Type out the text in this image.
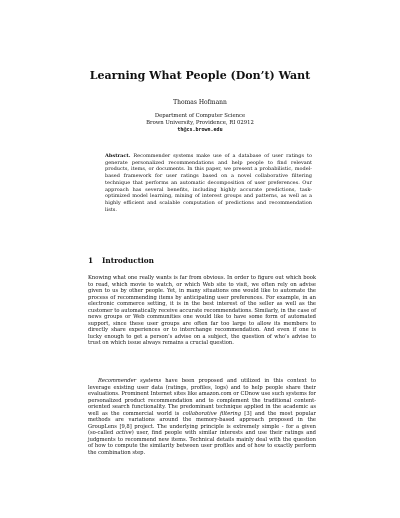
Learning What People (Don’t) Want
Thomas Hofmann
Department of Computer Science
Brown University, Providence, RI 02912
th@cs.brown.edu

Abstract. Recommender systems make use of a database of user ratings to generate personalized recommendations and help people to find relevant products, items, or documents. In this paper, we present a probabilistic, model-based framework for user ratings based on a novel collaborative filtering technique that performs an automatic decomposition of user preferences. Our approach has several benefits, including highly accurate predictions, task-optimized model learning, mining of interest groups and patterns, as well as a highly efficient and scalable computation of predictions and recommendation lists.

1 Introduction

Knowing what one really wants is far from obvious. In order to figure out which book to read, which movie to watch, or which Web site to visit, we often rely on advise given to us by other people. Yet, in many situations one would like to automate the process of recommending items by anticipating user preferences. For example, in an electronic commerce setting, it is in the best interest of the seller as well as the customer to automatically receive accurate recommendations. Similarly, in the case of news groups or Web communities one would like to have some form of automated support, since these user groups are often far too large to allow its members to directly share experiences or to interchange recommendation. And even if one is lucky enough to get a person’s advise on a subject, the question of who’s advise to trust on which issue always remains a crucial question.

Recommender systems have been proposed and utilized in this context to leverage existing user data (ratings, profiles, logs) and to help people share their evaluations. Prominent Internet sites like amazon.com or CDnow use such systems for personalized product recommendation and to complement the traditional content-oriented search functionality. The predominant technique applied in the academic as well as the commercial world is collaborative filtering [3] and the most popular methods are variations around the memory-based approach proposed in the GroupLens [9,8] project. The underlying principle is extremely simple - for a given (so-called active) user, find people with similar interests and use their ratings and judgments to recommend new items. Technical details mainly deal with the question of how to compute the similarity between user profiles and of how to exactly perform the combination step.
